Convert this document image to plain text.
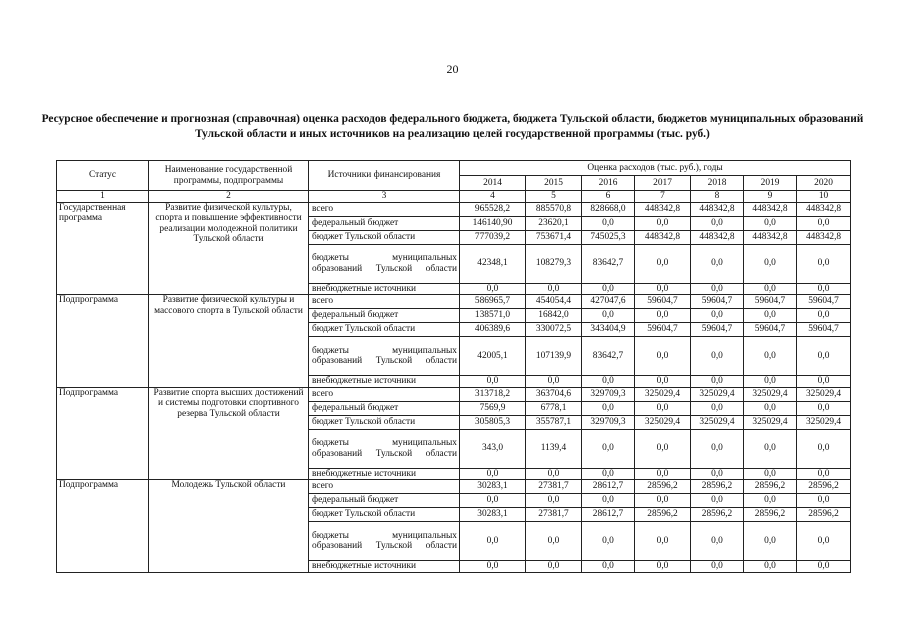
20
Ресурсное обеспечение и прогнозная (справочная) оценка расходов федерального бюджета, бюджета Тульской области, бюджетов муниципальных образований Тульской области и иных источников на реализацию целей государственной программы (тыс. руб.)
Статус	Наименование государственной программы, подпрограммы	Источники финансирования	Оценка расходов (тыс. руб.), годы						
			2014	2015	2016	2017	2018	2019	2020
1	2	3	4	5	6	7	8	9	10
Государственная программа	Развитие физической культуры, спорта и повышение эффективности реализации молодежной политики Тульской области	всего	965528,2	885570,8	828668,0	448342,8	448342,8	448342,8	448342,8
		федеральный бюджет	146140,90	23620,1	0,0	0,0	0,0	0,0	0,0
		бюджет Тульской области	777039,2	753671,4	745025,3	448342,8	448342,8	448342,8	448342,8
		бюджеты муниципальных образований Тульской области	42348,1	108279,3	83642,7	0,0	0,0	0,0	0,0
		внебюджетные источники	0,0	0,0	0,0	0,0	0,0	0,0	0,0
Подпрограмма	Развитие физической культуры и массового спорта в Тульской области	всего	586965,7	454054,4	427047,6	59604,7	59604,7	59604,7	59604,7
		федеральный бюджет	138571,0	16842,0	0,0	0,0	0,0	0,0	0,0
		бюджет Тульской области	406389,6	330072,5	343404,9	59604,7	59604,7	59604,7	59604,7
		бюджеты муниципальных образований Тульской области	42005,1	107139,9	83642,7	0,0	0,0	0,0	0,0
		внебюджетные источники	0,0	0,0	0,0	0,0	0,0	0,0	0,0
Подпрограмма	Развитие спорта высших достижений и системы подготовки спортивного резерва Тульской области	всего	313718,2	363704,6	329709,3	325029,4	325029,4	325029,4	325029,4
		федеральный бюджет	7569,9	6778,1	0,0	0,0	0,0	0,0	0,0
		бюджет Тульской области	305805,3	355787,1	329709,3	325029,4	325029,4	325029,4	325029,4
		бюджеты муниципальных образований Тульской области	343,0	1139,4	0,0	0,0	0,0	0,0	0,0
		внебюджетные источники	0,0	0,0	0,0	0,0	0,0	0,0	0,0
Подпрограмма	Молодежь Тульской области	всего	30283,1	27381,7	28612,7	28596,2	28596,2	28596,2	28596,2
		федеральный бюджет	0,0	0,0	0,0	0,0	0,0	0,0	0,0
		бюджет Тульской области	30283,1	27381,7	28612,7	28596,2	28596,2	28596,2	28596,2
		бюджеты муниципальных образований Тульской области	0,0	0,0	0,0	0,0	0,0	0,0	0,0
		внебюджетные источники	0,0	0,0	0,0	0,0	0,0	0,0	0,0
